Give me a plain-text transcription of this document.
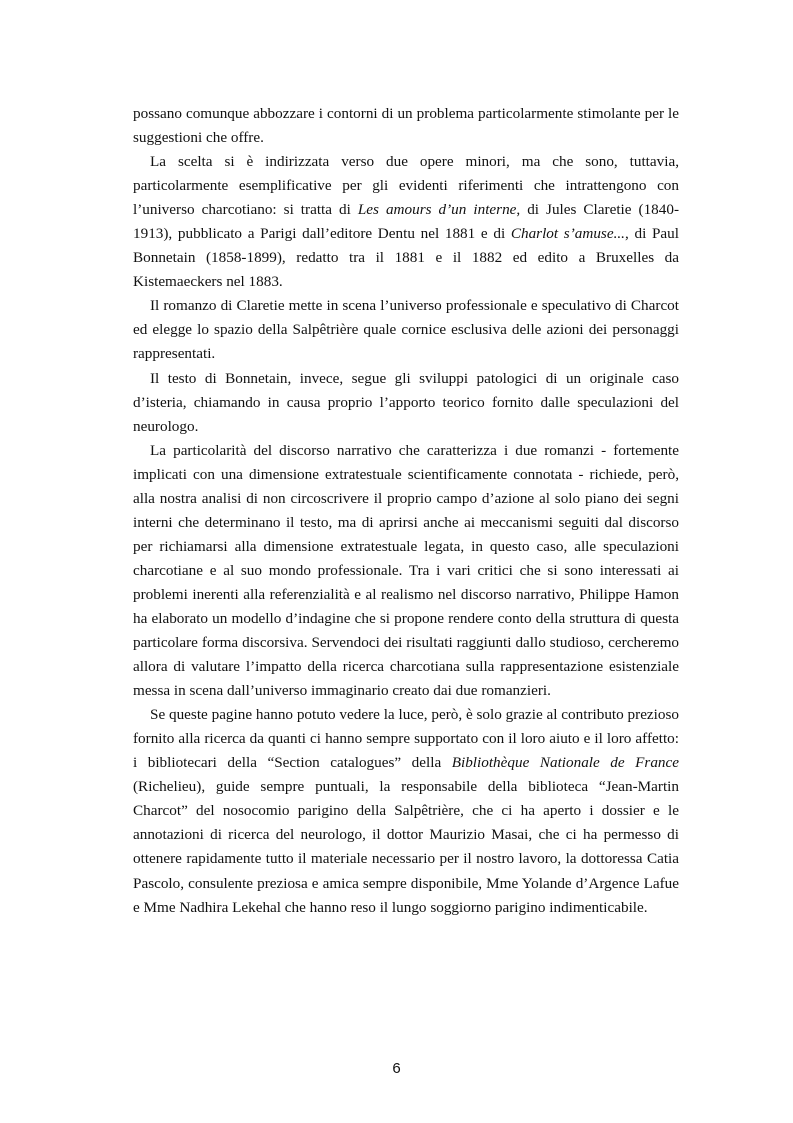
possano comunque abbozzare i contorni di un problema particolarmente stimolante per le suggestioni che offre.

La scelta si è indirizzata verso due opere minori, ma che sono, tuttavia, particolarmente esemplificative per gli evidenti riferimenti che intrattengono con l’universo charcotiano: si tratta di Les amours d’un interne, di Jules Claretie (1840-1913), pubblicato a Parigi dall’editore Dentu nel 1881 e di Charlot s’amuse..., di Paul Bonnetain (1858-1899), redatto tra il 1881 e il 1882 ed edito a Bruxelles da Kistemaeckers nel 1883.

Il romanzo di Claretie mette in scena l’universo professionale e speculativo di Charcot ed elegge lo spazio della Salpêtrière quale cornice esclusiva delle azioni dei personaggi rappresentati.

Il testo di Bonnetain, invece, segue gli sviluppi patologici di un originale caso d’isteria, chiamando in causa proprio l’apporto teorico fornito dalle speculazioni del neurologo.

La particolarità del discorso narrativo che caratterizza i due romanzi - fortemente implicati con una dimensione extratestuale scientificamente connotata - richiede, però, alla nostra analisi di non circoscrivere il proprio campo d’azione al solo piano dei segni interni che determinano il testo, ma di aprirsi anche ai meccanismi seguiti dal discorso per richiamarsi alla dimensione extratestuale legata, in questo caso, alle speculazioni charcotiane e al suo mondo professionale. Tra i vari critici che si sono interessati ai problemi inerenti alla referenzialità e al realismo nel discorso narrativo, Philippe Hamon ha elaborato un modello d’indagine che si propone rendere conto della struttura di questa particolare forma discorsiva. Servendoci dei risultati raggiunti dallo studioso, cercheremo allora di valutare l’impatto della ricerca charcotiana sulla rappresentazione esistenziale messa in scena dall’universo immaginario creato dai due romanzieri.

Se queste pagine hanno potuto vedere la luce, però, è solo grazie al contributo prezioso fornito alla ricerca da quanti ci hanno sempre supportato con il loro aiuto e il loro affetto: i bibliotecari della “Section catalogues” della Bibliothèque Nationale de France (Richelieu), guide sempre puntuali, la responsabile della biblioteca “Jean-Martin Charcot” del nosocomio parigino della Salpêtrière, che ci ha aperto i dossier e le annotazioni di ricerca del neurologo, il dottor Maurizio Masai, che ci ha permesso di ottenere rapidamente tutto il materiale necessario per il nostro lavoro, la dottoressa Catia Pascolo, consulente preziosa e amica sempre disponibile, Mme Yolande d’Argence Lafue e Mme Nadhira Lekehal che hanno reso il lungo soggiorno parigino indimenticabile.

6
